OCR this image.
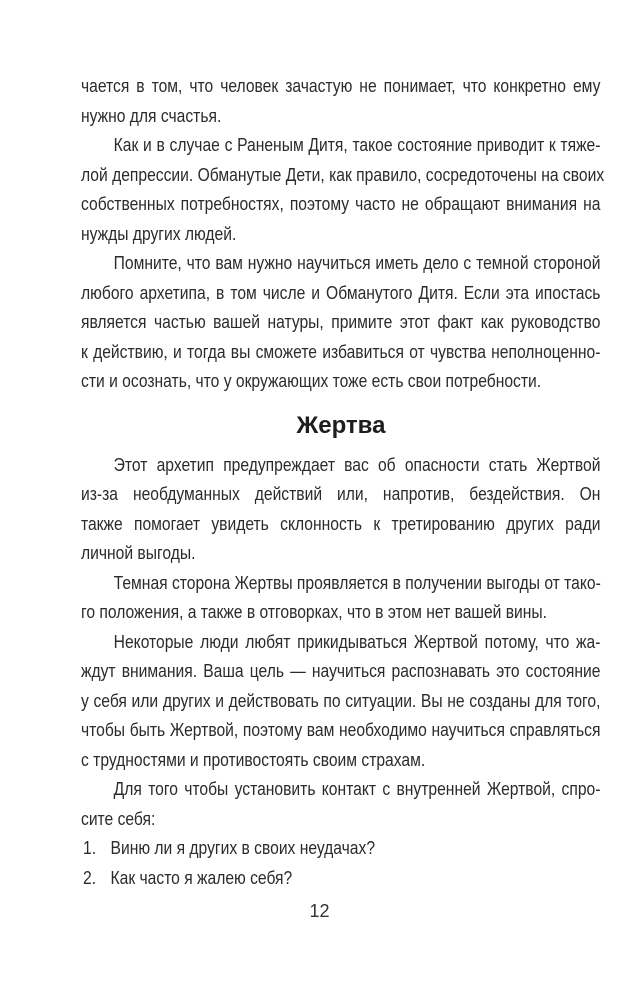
чается в том, что человек зачастую не понимает, что конкретно ему
нужно для счастья.
Как и в случае с Раненым Дитя, такое состояние приводит к тяже-
лой депрессии. Обманутые Дети, как правило, сосредоточены на своих
собственных потребностях, поэтому часто не обращают внимания на
нужды других людей.
Помните, что вам нужно научиться иметь дело с темной стороной
любого архетипа, в том числе и Обманутого Дитя. Если эта ипостась
является частью вашей натуры, примите этот факт как руководство
к действию, и тогда вы сможете избавиться от чувства неполноценно-
сти и осознать, что у окружающих тоже есть свои потребности.
Жертва
Этот архетип предупреждает вас об опасности стать Жертвой
из-за необдуманных действий или, напротив, бездействия. Он
также помогает увидеть склонность к третированию других ради
личной выгоды.
Темная сторона Жертвы проявляется в получении выгоды от тако-
го положения, а также в отговорках, что в этом нет вашей вины.
Некоторые люди любят прикидываться Жертвой потому, что жа-
ждут внимания. Ваша цель — научиться распознавать это состояние
у себя или других и действовать по ситуации. Вы не созданы для того,
чтобы быть Жертвой, поэтому вам необходимо научиться справляться
с трудностями и противостоять своим страхам.
Для того чтобы установить контакт с внутренней Жертвой, спро-
сите себя:
1. Виню ли я других в своих неудачах?
2. Как часто я жалею себя?
12
